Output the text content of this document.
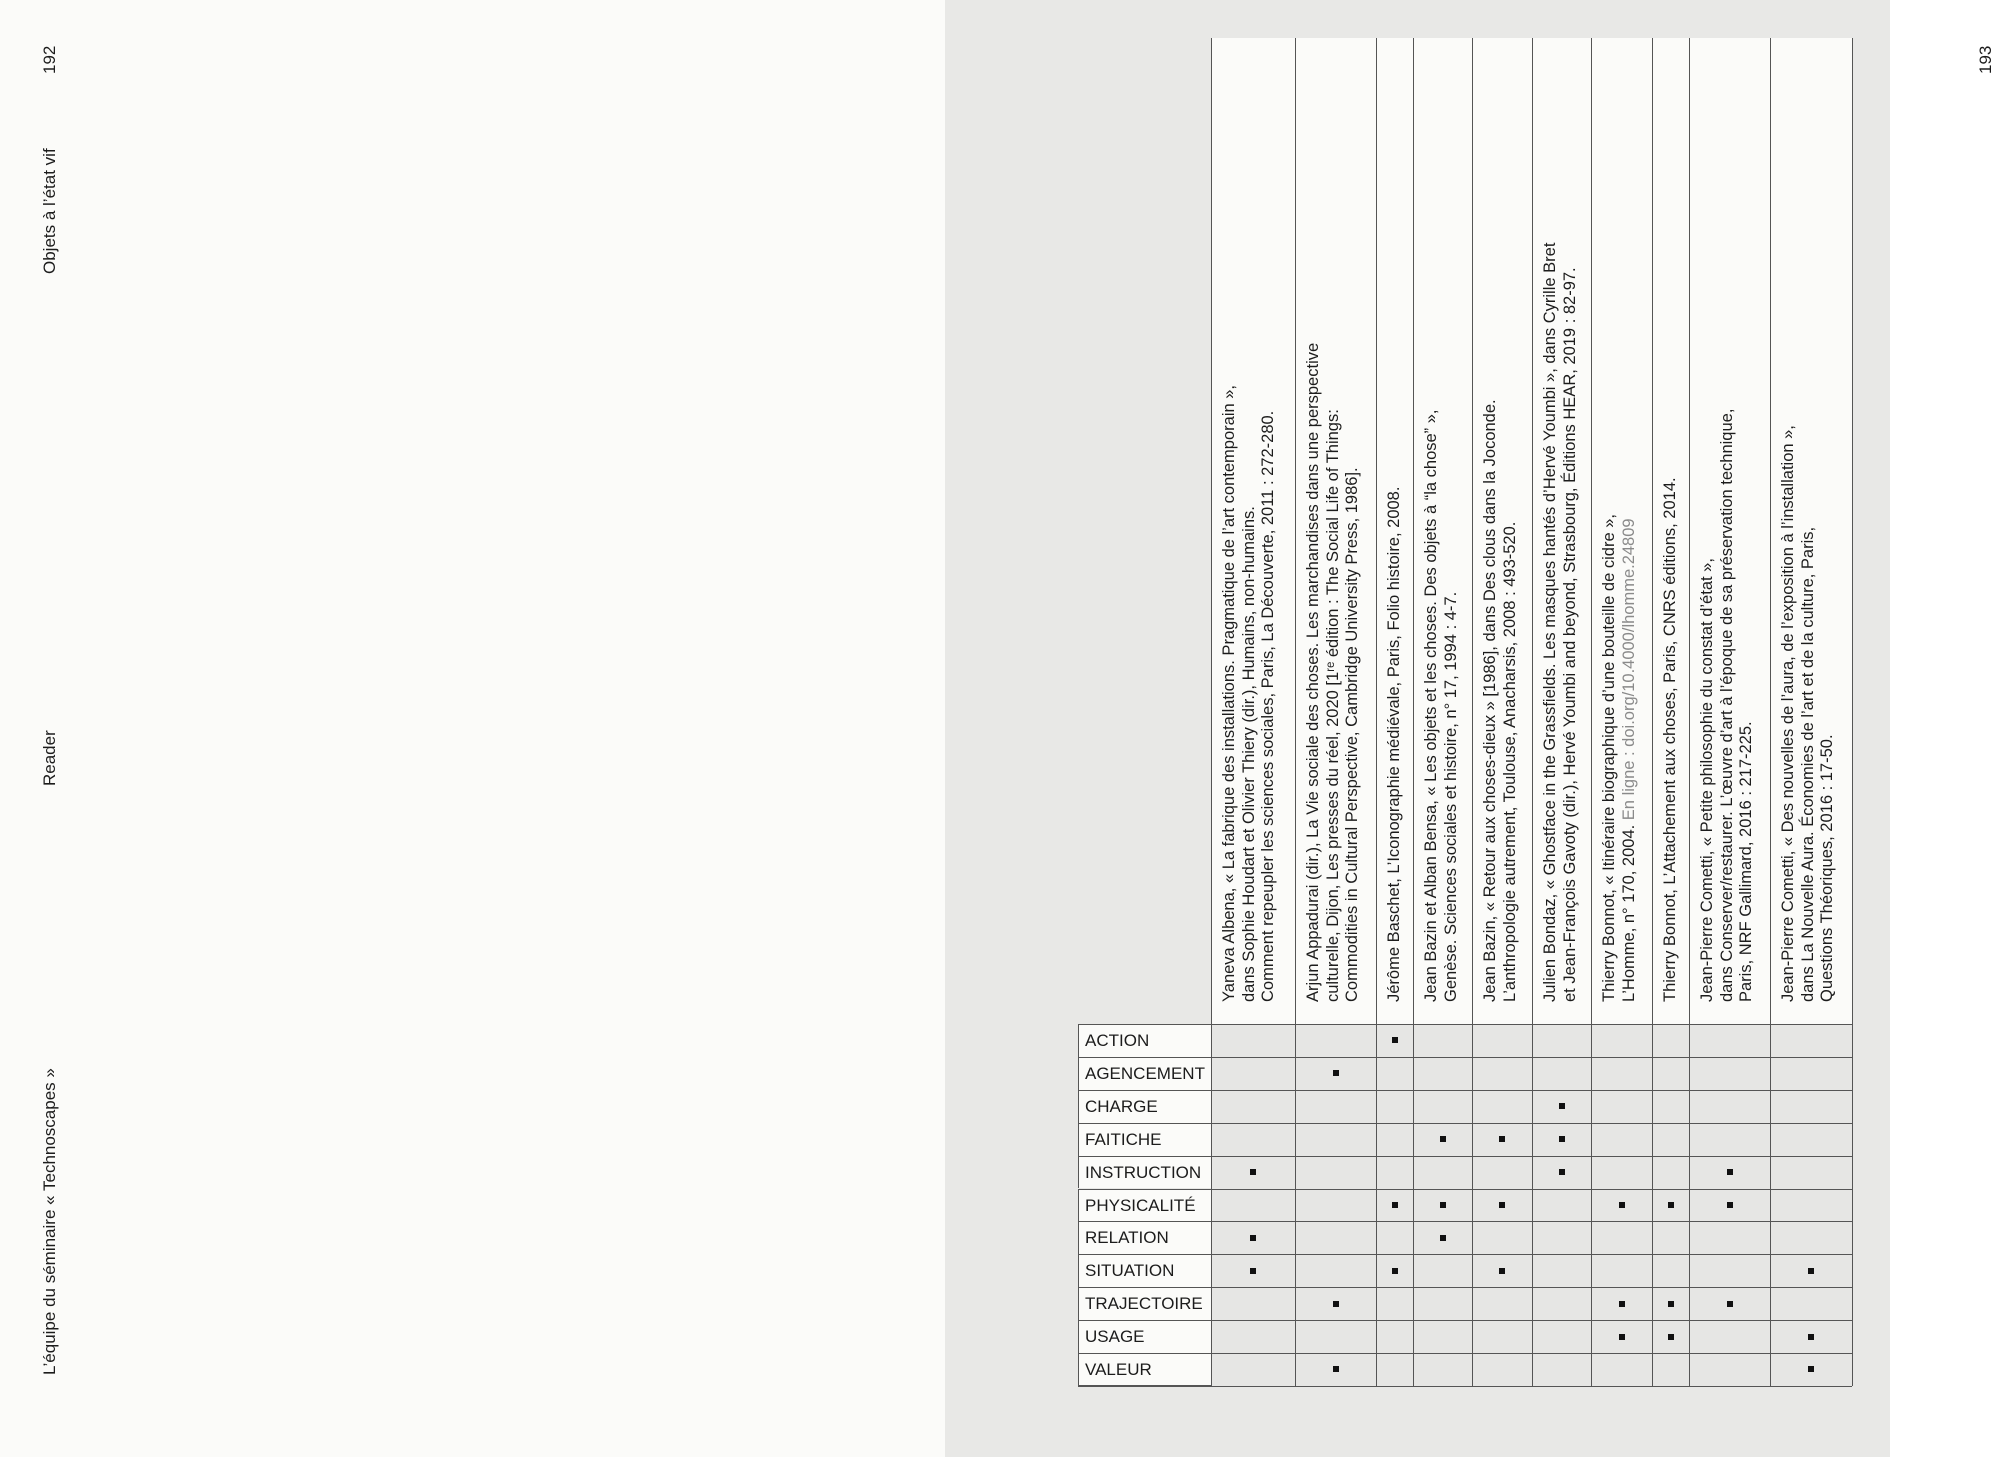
192
Objets à l’état vif
Reader
L’équipe du séminaire « Technoscapes »
193
Yaneva Albena, « La fabrique des installations. Pragmatique de l’art contemporain »,
dans Sophie Houdart et Olivier Thiery (dir.), Humains, non-humains.
Comment repeupler les sciences sociales, Paris, La Découverte, 2011 : 272-280.
Arjun Appadurai (dir.), La Vie sociale des choses. Les marchandises dans une perspective
culturelle, Dijon, Les presses du réel, 2020 [1ʳᵉ édition : The Social Life of Things:
Commodities in Cultural Perspective, Cambridge University Press, 1986]. Jérôme Baschet, L’Iconographie médiévale, Paris, Folio histoire, 2008. Jean Bazin et Alban Bensa, « Les objets et les choses. Des objets à “la chose” »,
Genèse. Sciences sociales et histoire, n° 17, 1994 : 4-7.
Jean Bazin, « Retour aux choses-dieux » [1986], dans Des clous dans la Joconde.
L’anthropologie autrement, Toulouse, Anacharsis, 2008 : 493-520.
Julien Bondaz, « Ghostface in the Grassfields. Les masques hantés d’Hervé Youmbi », dans Cyrille Bret
et Jean-François Gavoty (dir.), Hervé Youmbi and beyond, Strasbourg, Éditions HEAR, 2019 : 82-97.
Thierry Bonnot, « Itinéraire biographique d’une bouteille de cidre »,
L’Homme, n° 170, 2004. En ligne : doi.org/10.4000/lhomme.24809 Thierry Bonnot, L’Attachement aux choses, Paris, CNRS éditions, 2014. Jean-Pierre Cometti, « Petite philosophie du constat d’état »,
dans Conserver/restaurer. L’œuvre d’art à l’époque de sa préservation technique,
Paris, NRF Gallimard, 2016 : 217-225.
Jean-Pierre Cometti, « Des nouvelles de l’aura, de l’exposition à l’installation »,
dans La Nouvelle Aura. Économies de l’art et de la culture, Paris,
Questions Théoriques, 2016 : 17-50.
ACTION
AGENCEMENT
CHARGE
FAITICHE
INSTRUCTION
PHYSICALITÉ
RELATION
SITUATION
TRAJECTOIRE
USAGE
VALEUR
